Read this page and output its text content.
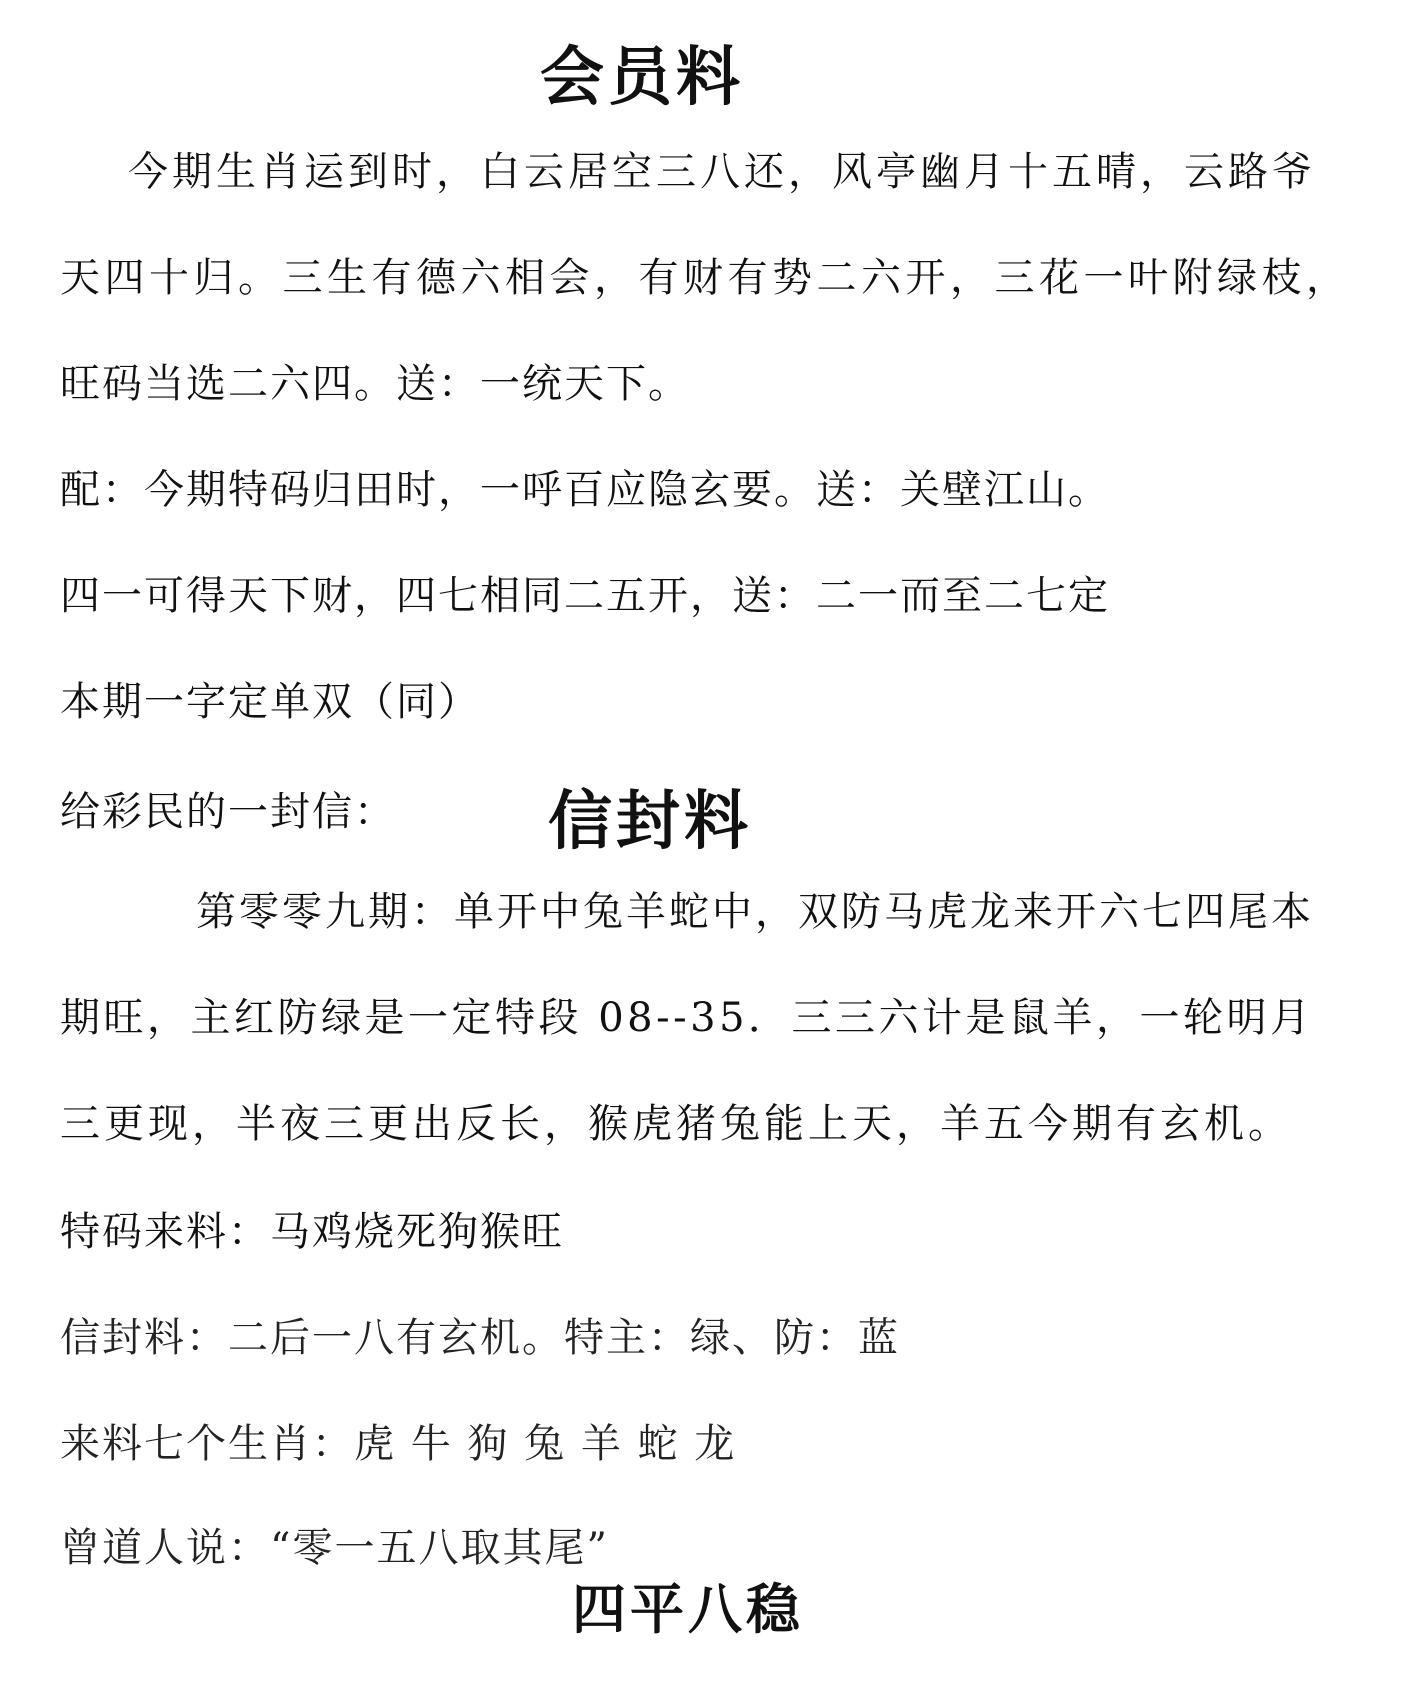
会员料
今期生肖运到时，白云居空三八还，风亭幽月十五晴，云路爷
天四十归。三生有德六相会，有财有势二六开，三花一叶附绿枝，
旺码当选二六四。送：一统天下。
配：今期特码归田时，一呼百应隐玄要。送：关壁江山。
四一可得天下财，四七相同二五开，送：二一而至二七定
本期一字定单双（同）
给彩民的一封信： 信封料
第零零九期：单开中兔羊蛇中，双防马虎龙来开六七四尾本
期旺，主红防绿是一定特段 08--35．三三六计是鼠羊，一轮明月
三更现，半夜三更出反长，猴虎猪兔能上天，羊五今期有玄机。
特码来料：马鸡烧死狗猴旺
信封料：二后一八有玄机。特主：绿、防：蓝
来料七个生肖：虎 牛 狗 兔 羊 蛇 龙
曾道人说：“零一五八取其尾”
四平八稳
